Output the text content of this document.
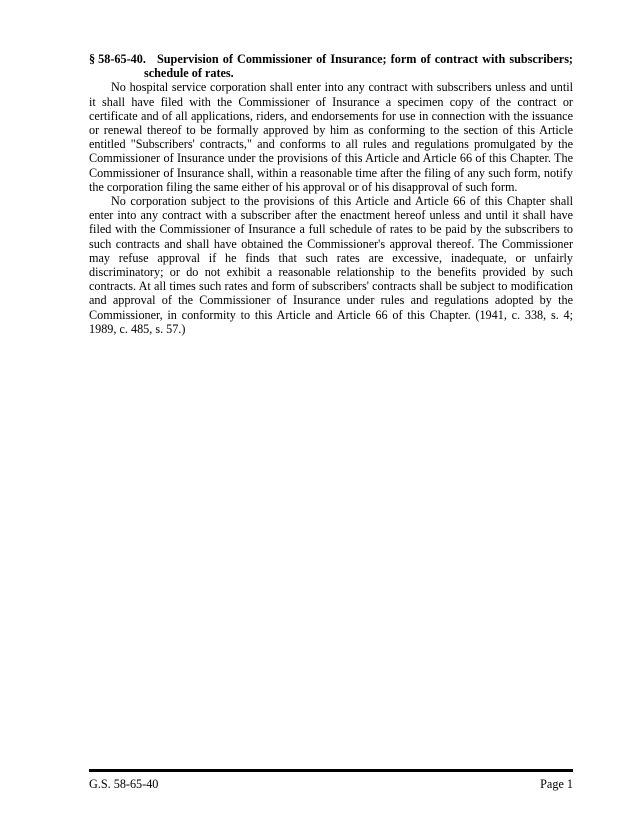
§ 58-65-40. Supervision of Commissioner of Insurance; form of contract with subscribers; schedule of rates.

No hospital service corporation shall enter into any contract with subscribers unless and until it shall have filed with the Commissioner of Insurance a specimen copy of the contract or certificate and of all applications, riders, and endorsements for use in connection with the issuance or renewal thereof to be formally approved by him as conforming to the section of this Article entitled "Subscribers' contracts," and conforms to all rules and regulations promulgated by the Commissioner of Insurance under the provisions of this Article and Article 66 of this Chapter. The Commissioner of Insurance shall, within a reasonable time after the filing of any such form, notify the corporation filing the same either of his approval or of his disapproval of such form.

No corporation subject to the provisions of this Article and Article 66 of this Chapter shall enter into any contract with a subscriber after the enactment hereof unless and until it shall have filed with the Commissioner of Insurance a full schedule of rates to be paid by the subscribers to such contracts and shall have obtained the Commissioner's approval thereof. The Commissioner may refuse approval if he finds that such rates are excessive, inadequate, or unfairly discriminatory; or do not exhibit a reasonable relationship to the benefits provided by such contracts. At all times such rates and form of subscribers' contracts shall be subject to modification and approval of the Commissioner of Insurance under rules and regulations adopted by the Commissioner, in conformity to this Article and Article 66 of this Chapter. (1941, c. 338, s. 4; 1989, c. 485, s. 57.)

G.S. 58-65-40	Page 1
